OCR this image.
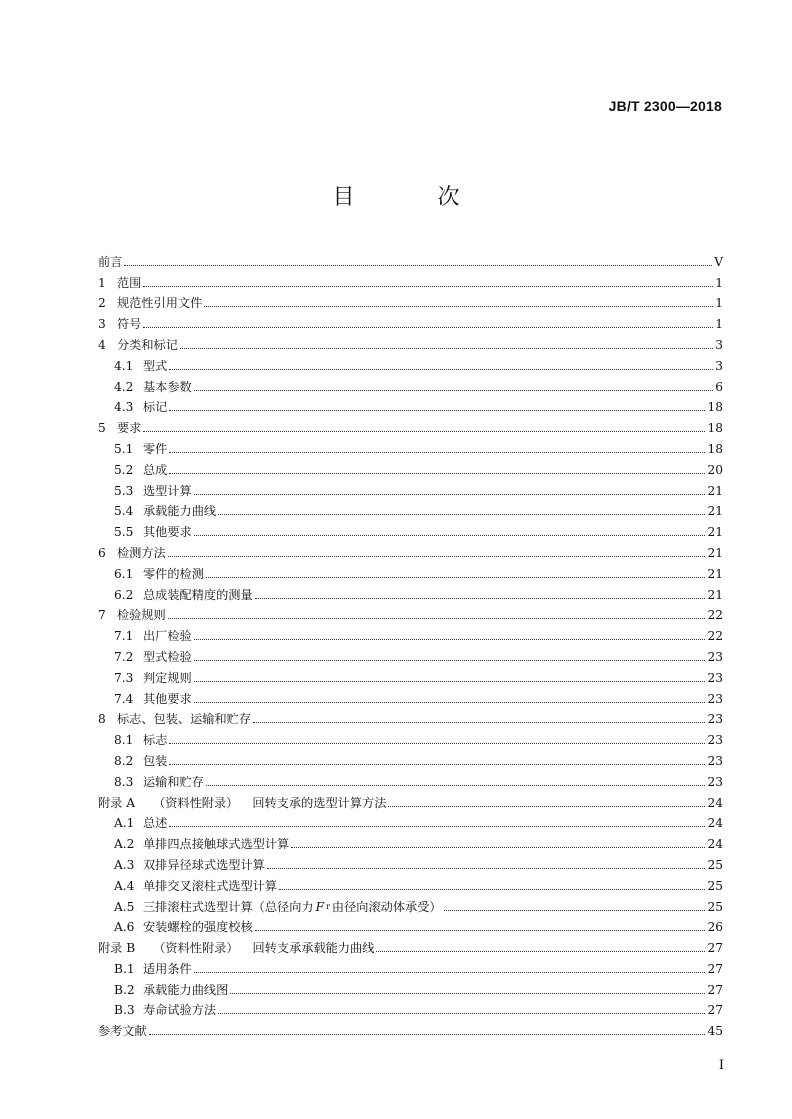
JB/T 2300—2018
目 次
前言	V
1 范围	1
2 规范性引用文件	1
3 符号	1
4 分类和标记	3
4.1 型式	3
4.2 基本参数	6
4.3 标记	18
5 要求	18
5.1 零件	18
5.2 总成	20
5.3 选型计算	21
5.4 承载能力曲线	21
5.5 其他要求	21
6 检测方法	21
6.1 零件的检测	21
6.2 总成装配精度的测量	21
7 检验规则	22
7.1 出厂检验	22
7.2 型式检验	23
7.3 判定规则	23
7.4 其他要求	23
8 标志、包装、运输和贮存	23
8.1 标志	23
8.2 包装	23
8.3 运输和贮存	23
附录 A （资料性附录） 回转支承的选型计算方法	24
A.1 总述	24
A.2 单排四点接触球式选型计算	24
A.3 双排异径球式选型计算	25
A.4 单排交叉滚柱式选型计算	25
A.5 三排滚柱式选型计算（总径向力 F r 由径向滚动体承受）	25
A.6 安装螺栓的强度校核	26
附录 B （资料性附录） 回转支承承载能力曲线	27
B.1 适用条件	27
B.2 承载能力曲线图	27
B.3 寿命试验方法	27
参考文献	45
I
